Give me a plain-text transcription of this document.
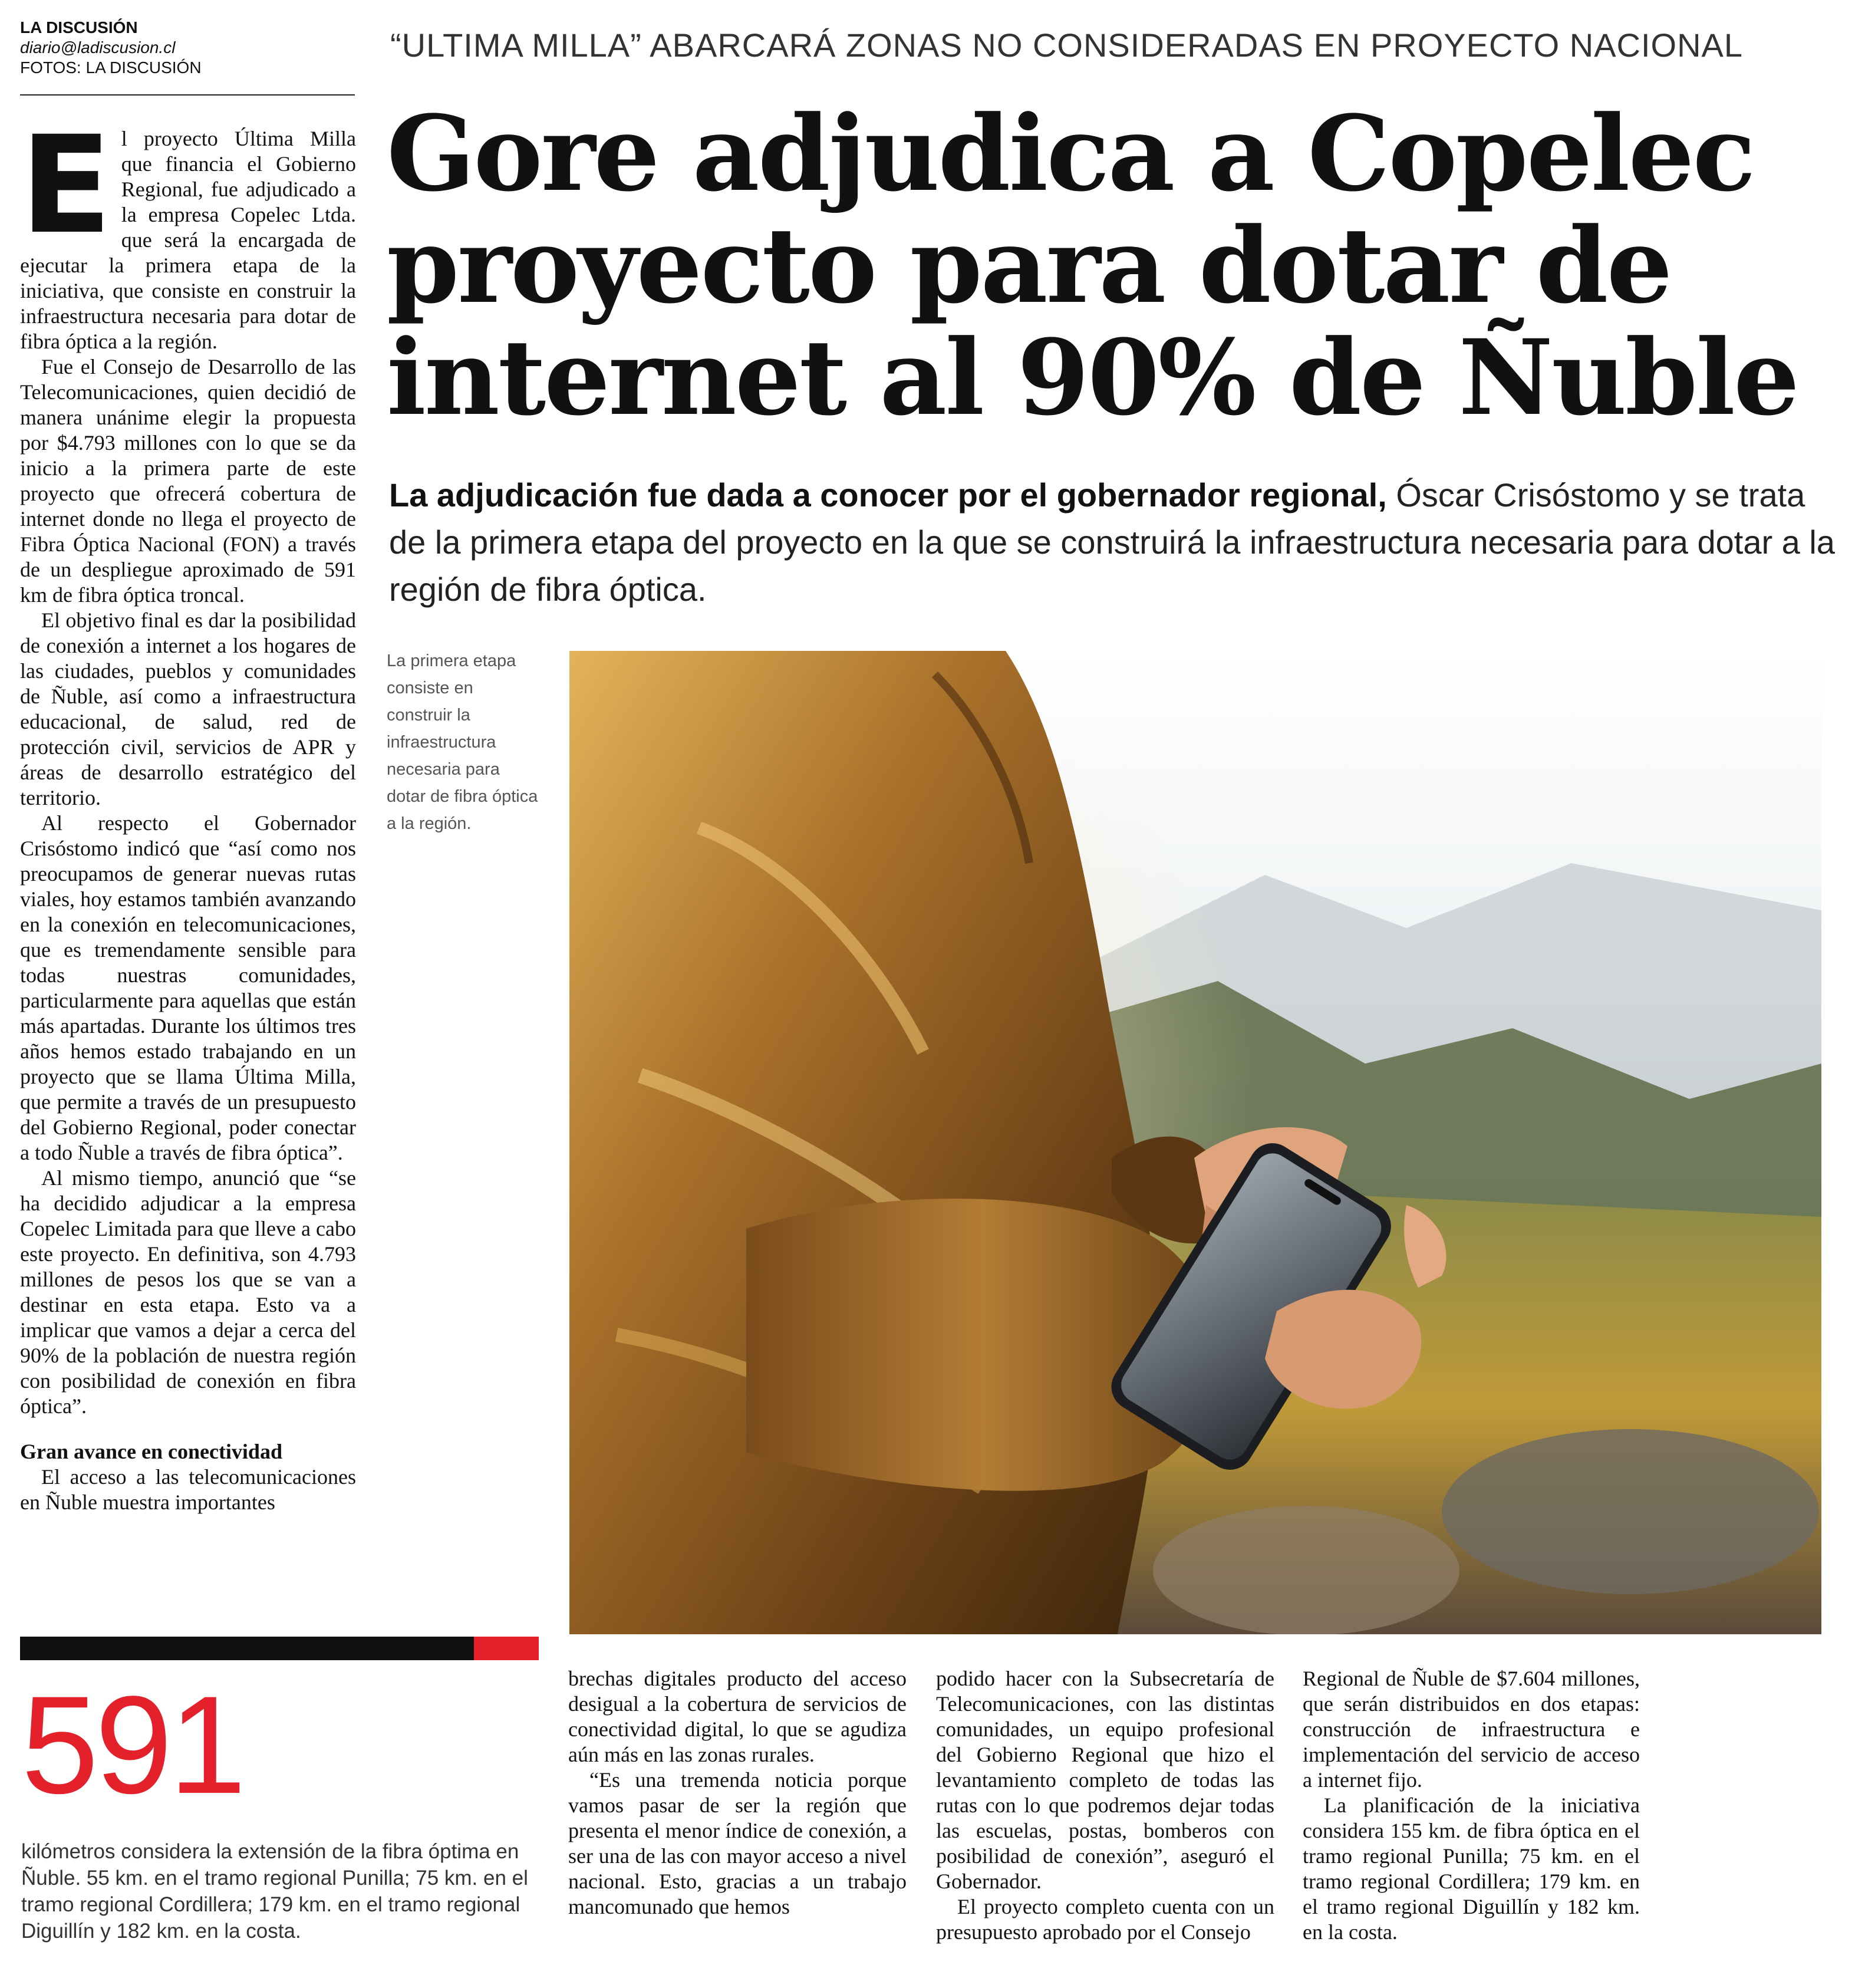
LA DISCUSIÓN
diario@ladiscusion.cl
FOTOS: LA DISCUSIÓN
“ULTIMA MILLA” ABARCARÁ ZONAS NO CONSIDERADAS EN PROYECTO NACIONAL
Gore adjudica a Copelec
proyecto para dotar de
internet al 90% de Ñuble
La adjudicación fue dada a conocer por el gobernador regional, Óscar Crisóstomo y se trata de la primera etapa del proyecto en la que se construirá la infraestructura necesaria para dotar a la región de fibra óptica.
E l proyecto Última Milla que financia el Gobierno Regional, fue adjudicado a la empresa Copelec Ltda. que será la encargada de ejecutar la primera etapa de la iniciativa, que consiste en construir la infraestructura necesaria para dotar de fibra óptica a la región.

Fue el Consejo de Desarrollo de las Telecomunicaciones, quien decidió de manera unánime elegir la propuesta por $4.793 millones con lo que se da inicio a la primera parte de este proyecto que ofrecerá cobertura de internet donde no llega el proyecto de Fibra Óptica Nacional (FON) a través de un despliegue aproximado de 591 km de fibra óptica troncal.

El objetivo final es dar la posibilidad de conexión a internet a los hogares de las ciudades, pueblos y comunidades de Ñuble, así como a infraestructura educacional, de salud, red de protección civil, servicios de APR y áreas de desarrollo estratégico del territorio.

Al respecto el Gobernador Crisóstomo indicó que “así como nos preocupamos de generar nuevas rutas viales, hoy estamos también avanzando en la conexión en telecomunicaciones, que es tremendamente sensible para todas nuestras comunidades, particularmente para aquellas que están más apartadas. Durante los últimos tres años hemos estado trabajando en un proyecto que se llama Última Milla, que permite a través de un presupuesto del Gobierno Regional, poder conectar a todo Ñuble a través de fibra óptica”.

Al mismo tiempo, anunció que “se ha decidido adjudicar a la empresa Copelec Limitada para que lleve a cabo este proyecto. En definitiva, son 4.793 millones de pesos los que se van a destinar en esta etapa. Esto va a implicar que vamos a dejar a cerca del 90% de la población de nuestra región con posibilidad de conexión en fibra óptica”.

Gran avance en conectividad

El acceso a las telecomunicaciones en Ñuble muestra importantes

La primera etapa consiste en construir la infraestructura necesaria para dotar de fibra óptica a la región.
591
kilómetros considera la extensión de la fibra óptima en Ñuble. 55 km. en el tramo regional Punilla; 75 km. en el tramo regional Cordillera; 179 km. en el tramo regional Diguillín y 182 km. en la costa.

brechas digitales producto del acceso desigual a la cobertura de servicios de conectividad digital, lo que se agudiza aún más en las zonas rurales.

“Es una tremenda noticia porque vamos pasar de ser la región que presenta el menor índice de conexión, a ser una de las con mayor acceso a nivel nacional. Esto, gracias a un trabajo mancomunado que hemos

podido hacer con la Subsecretaría de Telecomunicaciones, con las distintas comunidades, un equipo profesional del Gobierno Regional que hizo el levantamiento completo de todas las rutas con lo que podremos dejar todas las escuelas, postas, bomberos con posibilidad de conexión”, aseguró el Gobernador.

El proyecto completo cuenta con un presupuesto aprobado por el Consejo

Regional de Ñuble de $7.604 millones, que serán distribuidos en dos etapas: construcción de infraestructura e implementación del servicio de acceso a internet fijo.

La planificación de la iniciativa considera 155 km. de fibra óptica en el tramo regional Punilla; 75 km. en el tramo regional Cordillera; 179 km. en el tramo regional Diguillín y 182 km. en la costa.
